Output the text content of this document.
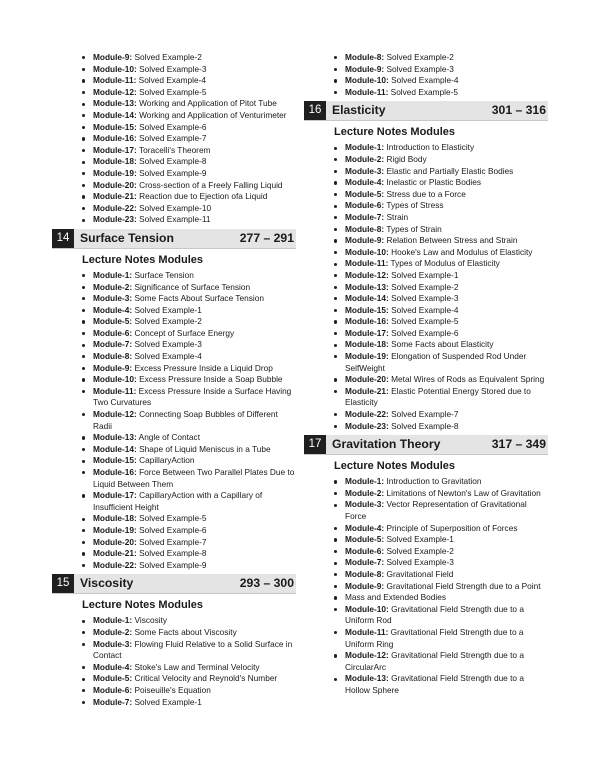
Module-9: Solved Example-2
Module-10: Solved Example-3
Module-11: Solved Example-4
Module-12: Solved Example-5
Module-13: Working and Application of Pitot Tube
Module-14: Working and Application of Venturimeter
Module-15: Solved Example-6
Module-16: Solved Example-7
Module-17: Toracelli's Theorem
Module-18: Solved Example-8
Module-19: Solved Example-9
Module-20: Cross-section of a Freely Falling Liquid
Module-21: Reaction due to Ejection ofa Liquid
Module-22: Solved Example-10
Module-23: Solved Example-11
14 Surface Tension	277 – 291
Lecture Notes Modules
Module-1: Surface Tension
Module-2: Significance of Surface Tension
Module-3: Some Facts About Surface Tension
Module-4: Solved Example-1
Module-5: Solved Example-2
Module-6: Concept of Surface Energy
Module-7: Solved Example-3
Module-8: Solved Example-4
Module-9: Excess Pressure Inside a Liquid Drop
Module-10: Excess Pressure Inside a Soap Bubble
Module-11: Excess Pressure Inside a Surface Having Two Curvatures
Module-12: Connecting Soap Bubbles of Different Radii
Module-13: Angle of Contact
Module-14: Shape of Liquid Meniscus in a Tube
Module-15: CapillaryAction
Module-16: Force Between Two Parallel Plates Due to Liquid Between Them
Module-17: CapillaryAction with a Capillary of Insufficient Height
Module-18: Solved Example-5
Module-19: Solved Example-6
Module-20: Solved Example-7
Module-21: Solved Example-8
Module-22: Solved Example-9
15 Viscosity	293 – 300
Lecture Notes Modules
Module-1: Viscosity
Module-2: Some Facts about Viscosity
Module-3: Flowing Fluid Relative to a Solid Surface in Contact
Module-4: Stoke's Law and Terminal Velocity
Module-5: Critical Velocity and Reynold's Number
Module-6: Poiseuille's Equation
Module-7: Solved Example-1
Module-8: Solved Example-2
Module-9: Solved Example-3
Module-10: Solved Example-4
Module-11: Solved Example-5
16 Elasticity	301 – 316
Lecture Notes Modules
Module-1: Introduction to Elasticity
Module-2: Rigid Body
Module-3: Elastic and Partially Elastic Bodies
Module-4: Inelastic or Plastic Bodies
Module-5: Stress due to a Force
Module-6: Types of Stress
Module-7: Strain
Module-8: Types of Strain
Module-9: Relation Between Stress and Strain
Module-10: Hooke's Law and Modulus of Elasticity
Module-11: Types of Modulus of Elasticity
Module-12: Solved Example-1
Module-13: Solved Example-2
Module-14: Solved Example-3
Module-15: Solved Example-4
Module-16: Solved Example-5
Module-17: Solved Example-6
Module-18: Some Facts about Elasticity
Module-19: Elongation of Suspended Rod Under SelfWeight
Module-20: Metal Wires of Rods as Equivalent Spring
Module-21: Elastic Potential Energy Stored due to Elasticity
Module-22: Solved Example-7
Module-23: Solved Example-8
17 Gravitation Theory	317 – 349
Lecture Notes Modules
Module-1: Introduction to Gravitation
Module-2: Limitations of Newton's Law of Gravitation
Module-3: Vector Representation of Gravitational Force
Module-4: Principle of Superposition of Forces
Module-5: Solved Example-1
Module-6: Solved Example-2
Module-7: Solved Example-3
Module-8: Gravitational Field
Module-9: Gravitational Field Strength due to a Point
Mass and Extended Bodies
Module-10: Gravitational Field Strength due to a Uniform Rod
Module-11: Gravitational Field Strength due to a Uniform Ring
Module-12: Gravitational Field Strength due to a CircularArc
Module-13: Gravitational Field Strength due to a Hollow Sphere
